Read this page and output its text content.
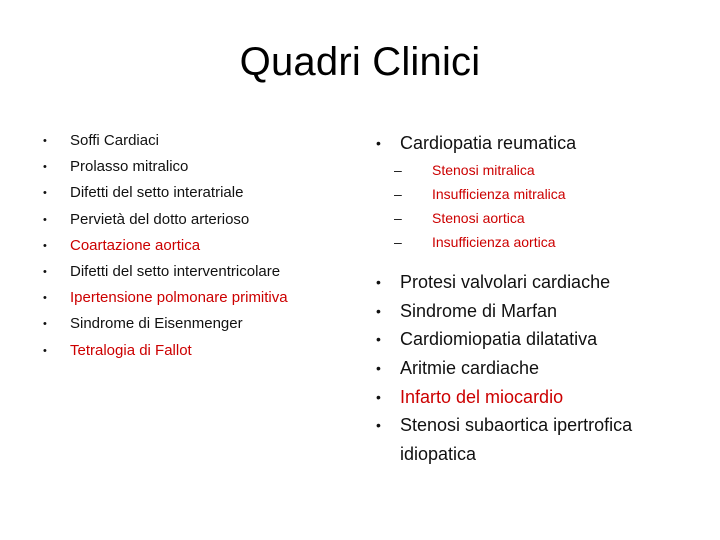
Quadri Clinici
• Soffi Cardiaci
• Prolasso mitralico
• Difetti del setto interatriale
• Pervietà del dotto arterioso
• Coartazione aortica
• Difetti del setto interventricolare
• Ipertensione polmonare primitiva
• Sindrome di Eisenmenger
• Tetralogia di Fallot
• Cardiopatia reumatica
– Stenosi mitralica
– Insufficienza mitralica
– Stenosi aortica
– Insufficienza aortica
• Protesi valvolari cardiache
• Sindrome di Marfan
• Cardiomiopatia dilatativa
• Aritmie cardiache
• Infarto del miocardio
• Stenosi subaortica ipertrofica idiopatica
